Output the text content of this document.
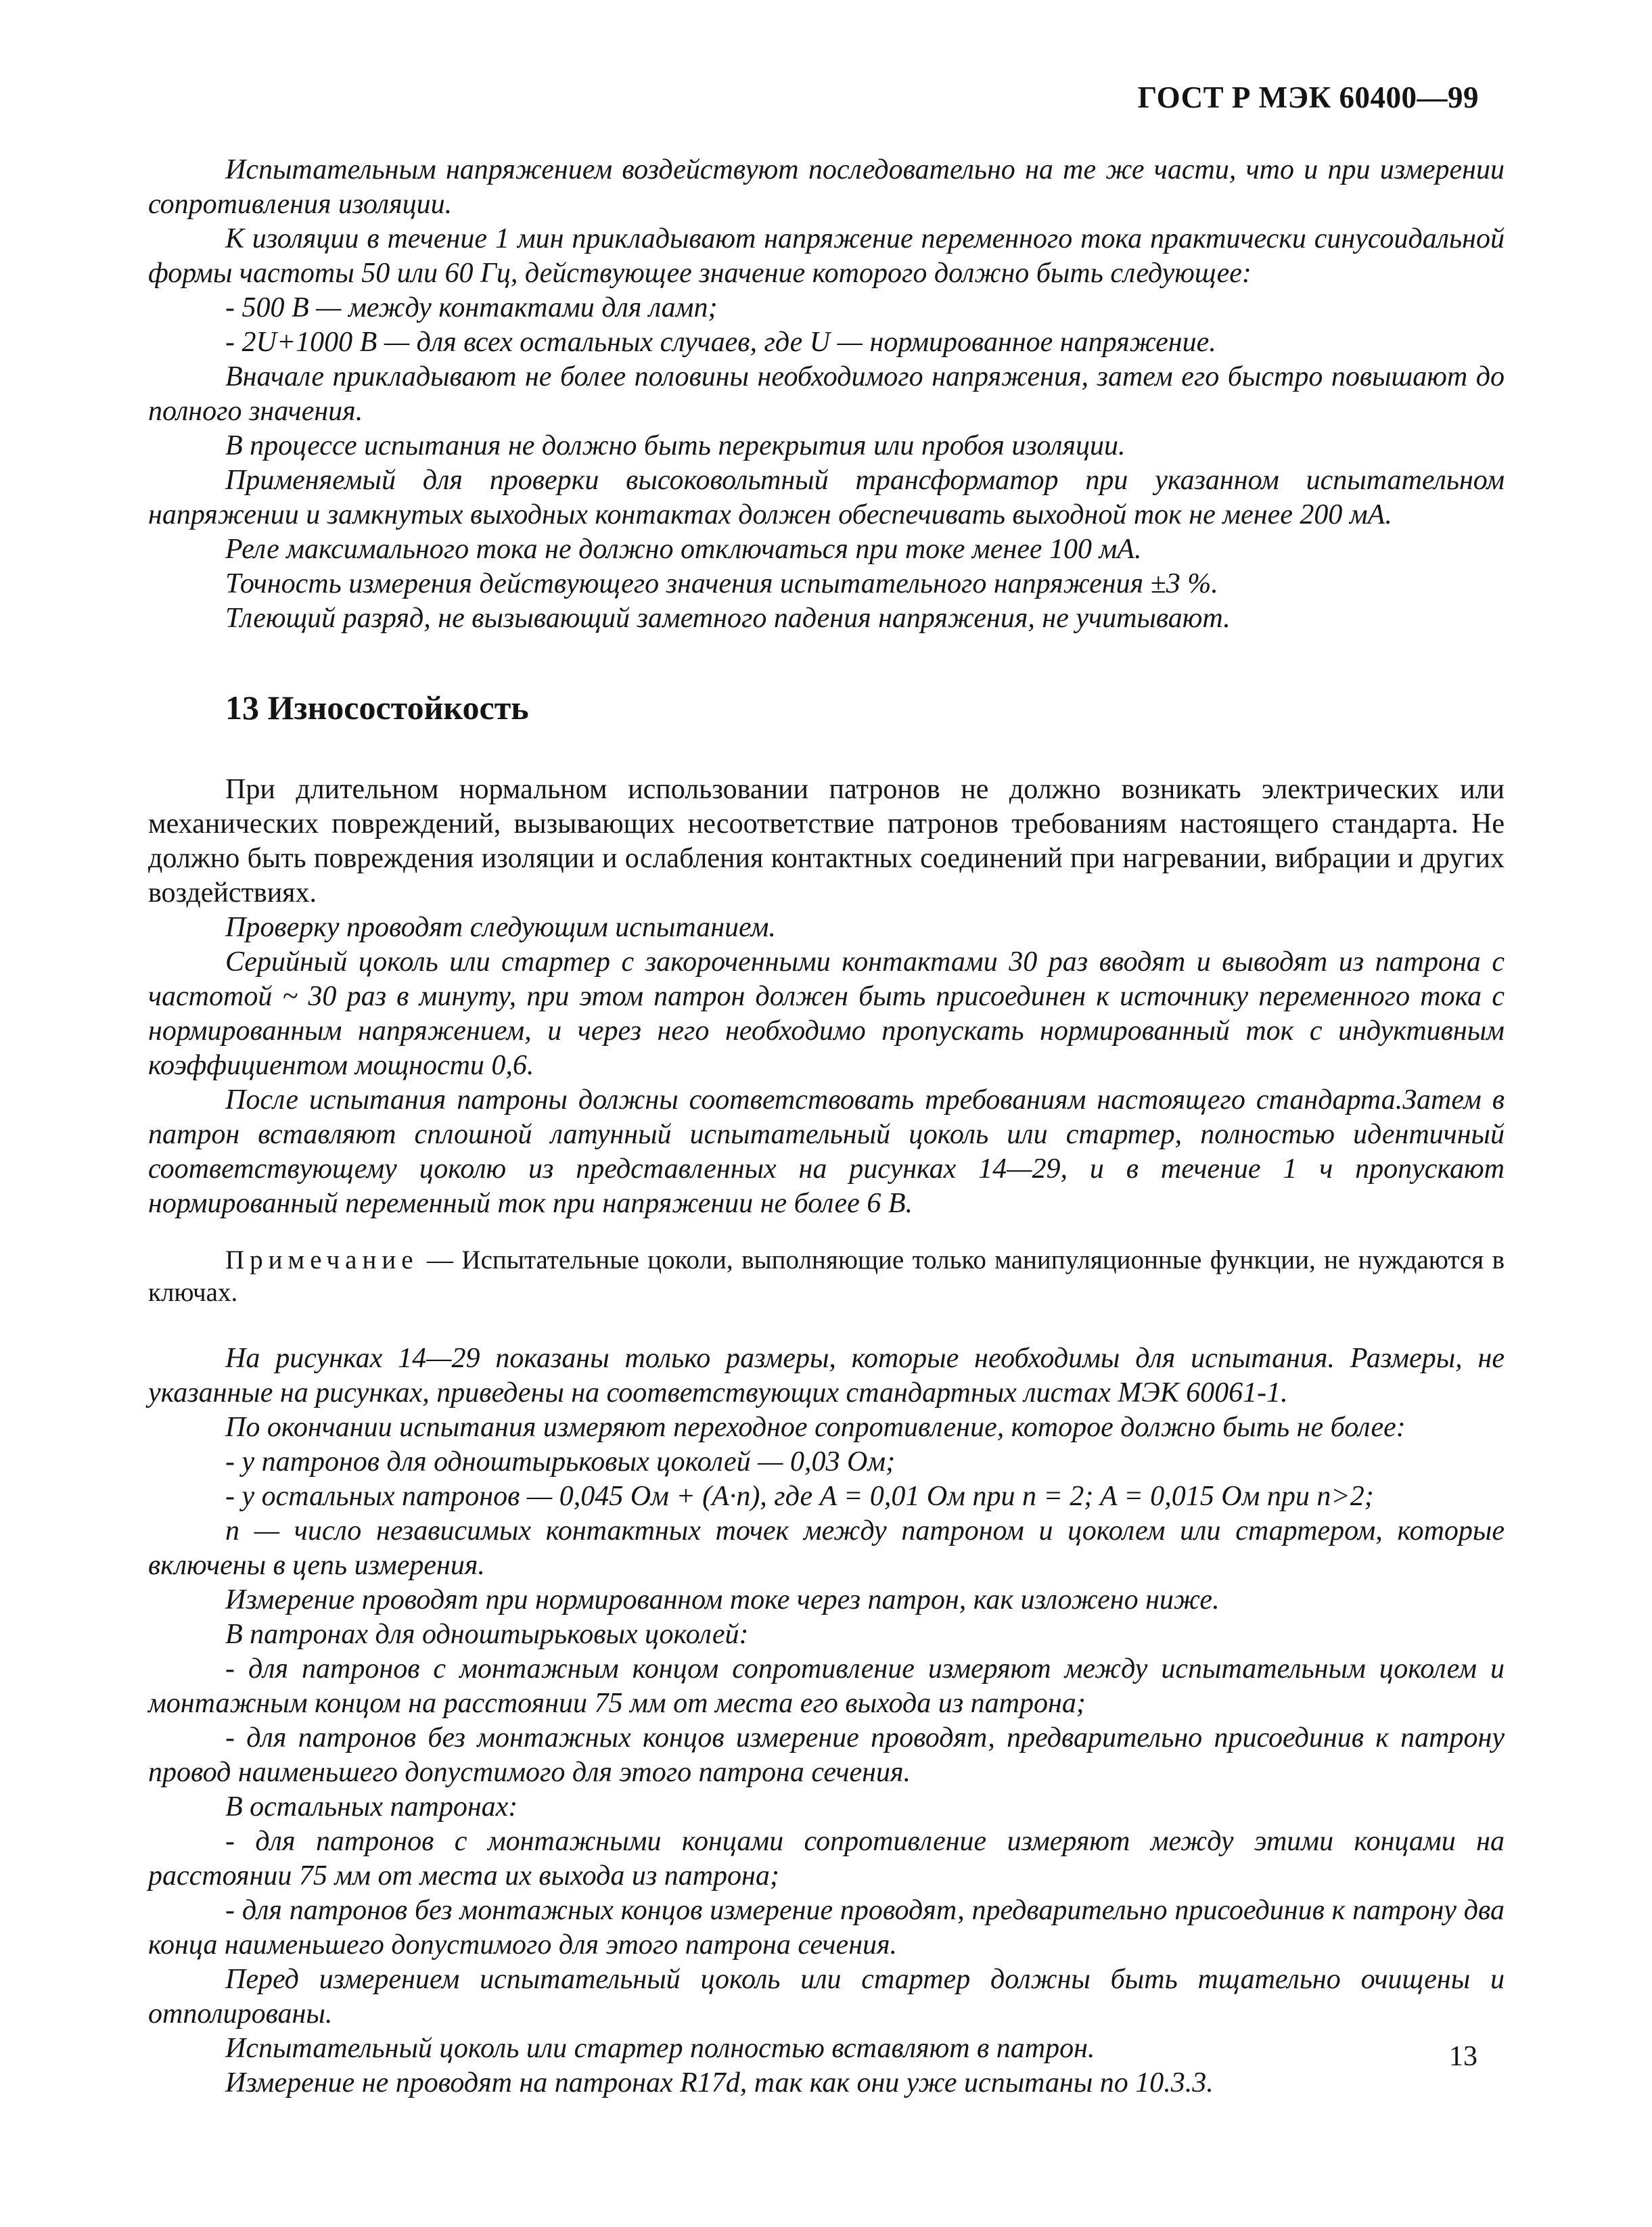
ГОСТ Р МЭК 60400—99

Испытательным напряжением воздействуют последовательно на те же части, что и при измерении сопротивления изоляции.

К изоляции в течение 1 мин прикладывают напряжение переменного тока практически синусоидальной формы частоты 50 или 60 Гц, действующее значение которого должно быть следующее:

- 500 В — между контактами для ламп;

- 2U+1000 В — для всех остальных случаев, где U — нормированное напряжение.

Вначале прикладывают не более половины необходимого напряжения, затем его быстро повышают до полного значения.

В процессе испытания не должно быть перекрытия или пробоя изоляции.

Применяемый для проверки высоковольтный трансформатор при указанном испытательном напряжении и замкнутых выходных контактах должен обеспечивать выходной ток не менее 200 мА.

Реле максимального тока не должно отключаться при токе менее 100 мА.

Точность измерения действующего значения испытательного напряжения ±3 %.

Тлеющий разряд, не вызывающий заметного падения напряжения, не учитывают.

13 Износостойкость

При длительном нормальном использовании патронов не должно возникать электрических или механических повреждений, вызывающих несоответствие патронов требованиям настоящего стандарта. Не должно быть повреждения изоляции и ослабления контактных соединений при нагревании, вибрации и других воздействиях.

Проверку проводят следующим испытанием.

Серийный цоколь или стартер с закороченными контактами 30 раз вводят и выводят из патрона с частотой ~ 30 раз в минуту, при этом патрон должен быть присоединен к источнику переменного тока с нормированным напряжением, и через него необходимо пропускать нормированный ток с индуктивным коэффициентом мощности 0,6.

После испытания патроны должны соответствовать требованиям настоящего стандарта.Затем в патрон вставляют сплошной латунный испытательный цоколь или стартер, полностью идентичный соответствующему цоколю из представленных на рисунках 14—29, и в течение 1 ч пропускают нормированный переменный ток при напряжении не более 6 В.

Примечание — Испытательные цоколи, выполняющие только манипуляционные функции, не нуждаются в ключах.

На рисунках 14—29 показаны только размеры, которые необходимы для испытания. Размеры, не указанные на рисунках, приведены на соответствующих стандартных листах МЭК 60061-1.

По окончании испытания измеряют переходное сопротивление, которое должно быть не более:

- у патронов для одноштырьковых цоколей — 0,03 Ом;

- у остальных патронов — 0,045 Ом + (A·n), где A = 0,01 Ом при n = 2; A = 0,015 Ом при n>2;

n — число независимых контактных точек между патроном и цоколем или стартером, которые включены в цепь измерения.

Измерение проводят при нормированном токе через патрон, как изложено ниже.

В патронах для одноштырьковых цоколей:

- для патронов с монтажным концом сопротивление измеряют между испытательным цоколем и монтажным концом на расстоянии 75 мм от места его выхода из патрона;

- для патронов без монтажных концов измерение проводят, предварительно присоединив к патрону провод наименьшего допустимого для этого патрона сечения.

В остальных патронах:

- для патронов с монтажными концами сопротивление измеряют между этими концами на расстоянии 75 мм от места их выхода из патрона;

- для патронов без монтажных концов измерение проводят, предварительно присоединив к патрону два конца наименьшего допустимого для этого патрона сечения.

Перед измерением испытательный цоколь или стартер должны быть тщательно очищены и отполированы.

Испытательный цоколь или стартер полностью вставляют в патрон.

Измерение не проводят на патронах R17d, так как они уже испытаны по 10.3.3.

13
